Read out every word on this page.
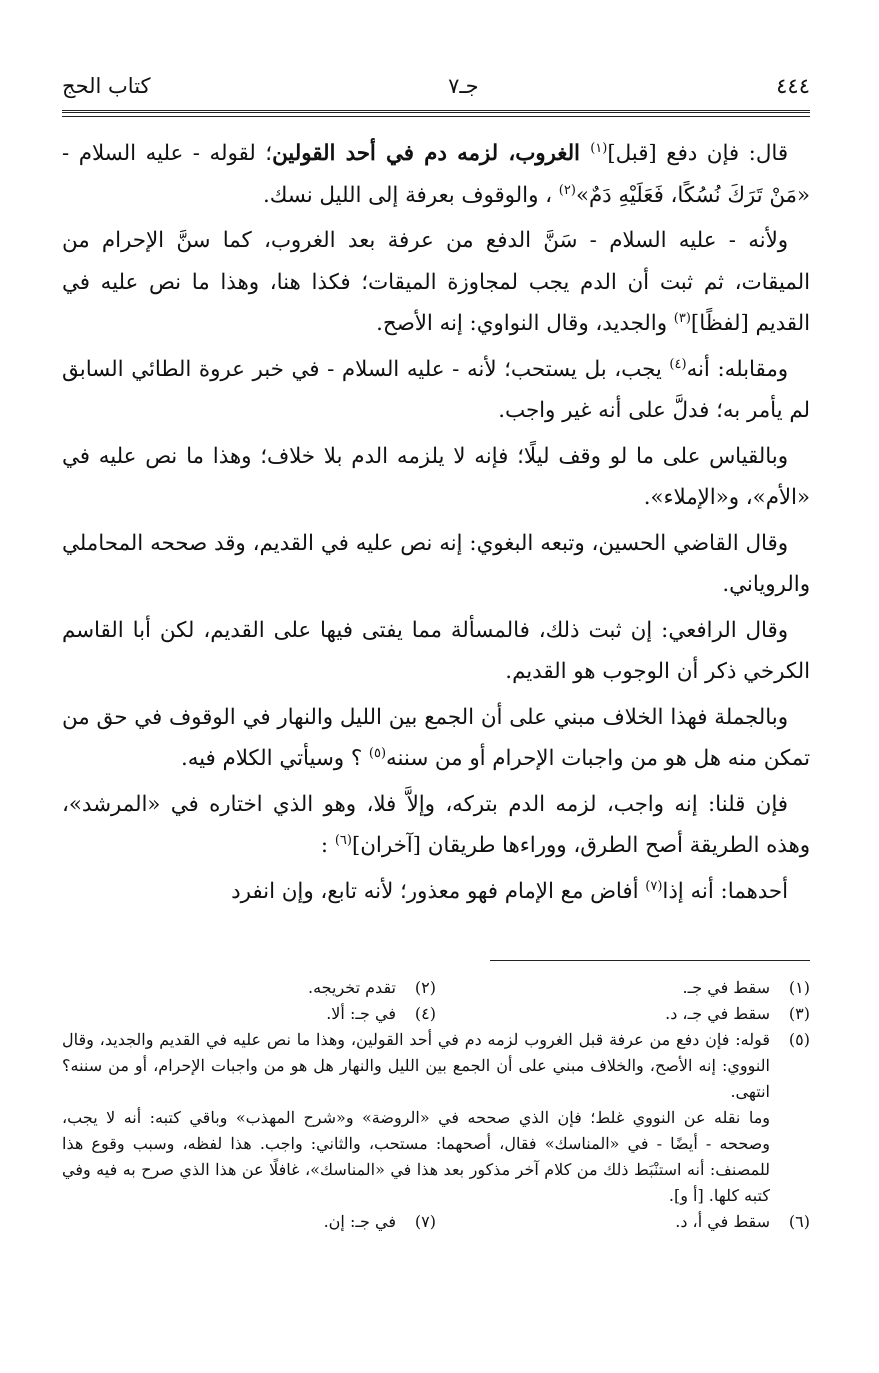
٤٤٤
جـ٧
كتاب الحج

قال: فإن دفع [قبل]$^{(١)}$ الغروب، لزمه دم في أحد القولين؛ لقوله - عليه السلام - «مَنْ تَرَكَ نُسُكًا، فَعَلَيْهِ دَمٌ»$^{(٢)}$ ، والوقوف بعرفة إلى الليل نسك.

ولأنه - عليه السلام - سَنَّ الدفع من عرفة بعد الغروب، كما سنَّ الإحرام من الميقات، ثم ثبت أن الدم يجب لمجاوزة الميقات؛ فكذا هنا، وهذا ما نص عليه في القديم [لفظًا]$^{(٣)}$ والجديد، وقال النواوي: إنه الأصح.

ومقابله: أنه$^{(٤)}$ يجب، بل يستحب؛ لأنه - عليه السلام - في خبر عروة الطائي السابق لم يأمر به؛ فدلَّ على أنه غير واجب.

وبالقياس على ما لو وقف ليلًا؛ فإنه لا يلزمه الدم بلا خلاف؛ وهذا ما نص عليه في «الأم»، و«الإملاء».

وقال القاضي الحسين، وتبعه البغوي: إنه نص عليه في القديم، وقد صححه المحاملي والروياني.

وقال الرافعي: إن ثبت ذلك، فالمسألة مما يفتى فيها على القديم، لكن أبا القاسم الكرخي ذكر أن الوجوب هو القديم.

وبالجملة فهذا الخلاف مبني على أن الجمع بين الليل والنهار في الوقوف في حق من تمكن منه هل هو من واجبات الإحرام أو من سننه$^{(٥)}$ ؟ وسيأتي الكلام فيه.

فإن قلنا: إنه واجب، لزمه الدم بتركه، وإلاَّ فلا، وهو الذي اختاره في «المرشد»، وهذه الطريقة أصح الطرق، ووراءها طريقان [آخران]$^{(٦)}$ :

أحدهما: أنه إذا$^{(٧)}$ أفاض مع الإمام فهو معذور؛ لأنه تابع، وإن انفرد

(١)
سقط في جـ.
(٢)
تقدم تخريجه.
(٣)
سقط في جـ، د.
(٤)
في جـ: ألا.
(٥)

قوله: فإن دفع من عرفة قبل الغروب لزمه دم في أحد القولين، وهذا ما نص عليه في القديم والجديد، وقال النووي: إنه الأصح، والخلاف مبني على أن الجمع بين الليل والنهار هل هو من واجبات الإحرام، أو من سننه؟ انتهى.

وما نقله عن النووي غلط؛ فإن الذي صححه في «الروضة» و«شرح المهذب» وباقي كتبه: أنه لا يجب، وصححه - أيضًا - في «المناسك» فقال، أصحهما: مستحب، والثاني: واجب. هذا لفظه، وسبب وقوع هذا للمصنف: أنه استنْبَط ذلك من كلام آخر مذكور بعد هذا في «المناسك»، غافلًا عن هذا الذي صرح به فيه وفي كتبه كلها. [أ و].

(٦)
سقط في أ، د.
(٧)
في جـ: إن.
